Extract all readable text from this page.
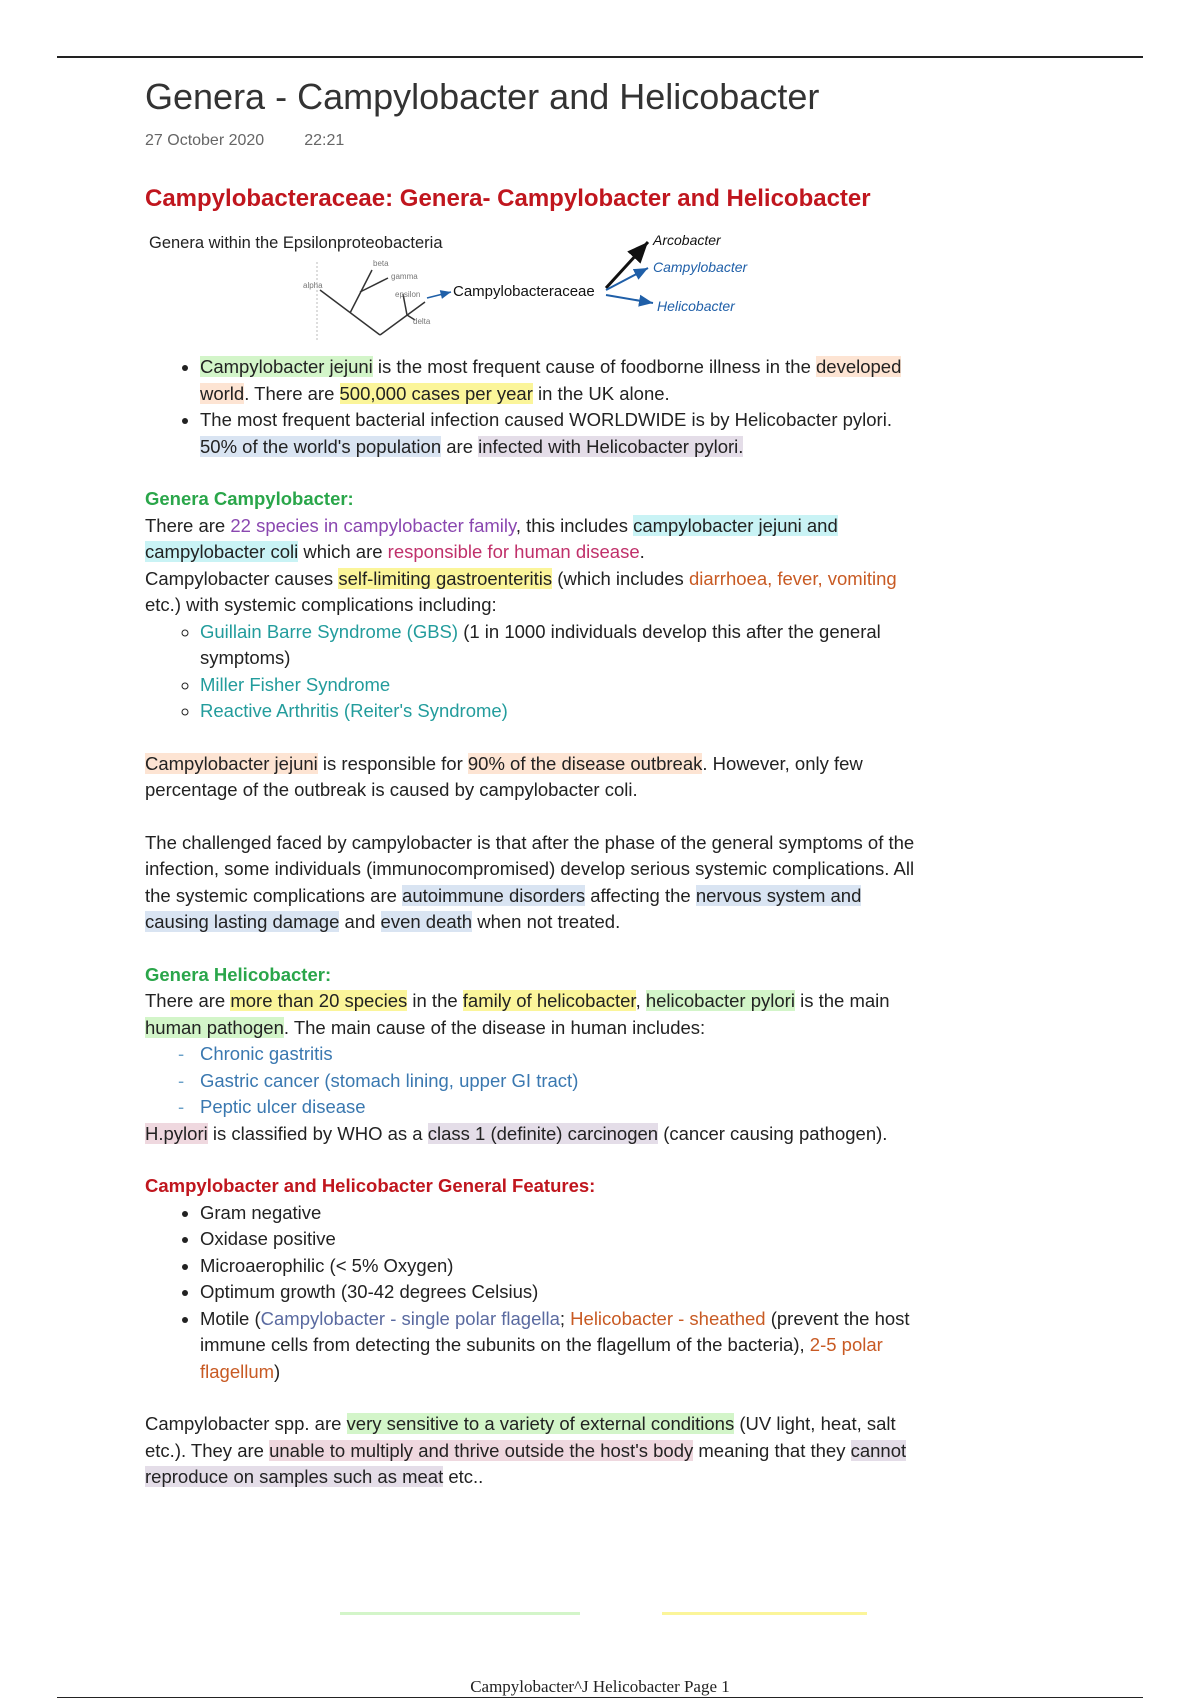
Genera - Campylobacter and Helicobacter
27 October 2020	22:21
Campylobacteraceae: Genera- Campylobacter and Helicobacter
alpha
beta
gamma
epsilon
delta
Campylobacteraceae
Arcobacter
Campylobacter
Helicobacter
Genera within the Epsilonproteobacteria
• Campylobacter jejuni is the most frequent cause of foodborne illness in the developed world. There are 500,000 cases per year in the UK alone.
• The most frequent bacterial infection caused WORLDWIDE is by Helicobacter pylori. 50% of the world's population are infected with Helicobacter pylori.

Genera Campylobacter:

There are 22 species in campylobacter family, this includes campylobacter jejuni and campylobacter coli which are responsible for human disease.

Campylobacter causes self-limiting gastroenteritis (which includes diarrhoea, fever, vomiting etc.) with systemic complications including:

◦ Guillain Barre Syndrome (GBS) (1 in 1000 individuals develop this after the general symptoms)
◦ Miller Fisher Syndrome
◦ Reactive Arthritis (Reiter's Syndrome)

Campylobacter jejuni is responsible for 90% of the disease outbreak. However, only few percentage of the outbreak is caused by campylobacter coli.

The challenged faced by campylobacter is that after the phase of the general symptoms of the infection, some individuals (immunocompromised) develop serious systemic complications. All the systemic complications are autoimmune disorders affecting the nervous system and causing lasting damage and even death when not treated.

Genera Helicobacter:

There are more than 20 species in the family of helicobacter, helicobacter pylori is the main human pathogen. The main cause of the disease in human includes:

- Chronic gastritis
- Gastric cancer (stomach lining, upper GI tract)
- Peptic ulcer disease

H.pylori is classified by WHO as a class 1 (definite) carcinogen (cancer causing pathogen).

Campylobacter and Helicobacter General Features:

• Gram negative
• Oxidase positive
• Microaerophilic (< 5% Oxygen)
• Optimum growth (30-42 degrees Celsius)
• Motile (Campylobacter - single polar flagella; Helicobacter - sheathed (prevent the host immune cells from detecting the subunits on the flagellum of the bacteria), 2-5 polar flagellum)

Campylobacter spp. are very sensitive to a variety of external conditions (UV light, heat, salt etc.). They are unable to multiply and thrive outside the host's body meaning that they cannot reproduce on samples such as meat etc..

Campylobacter^J Helicobacter Page 1
